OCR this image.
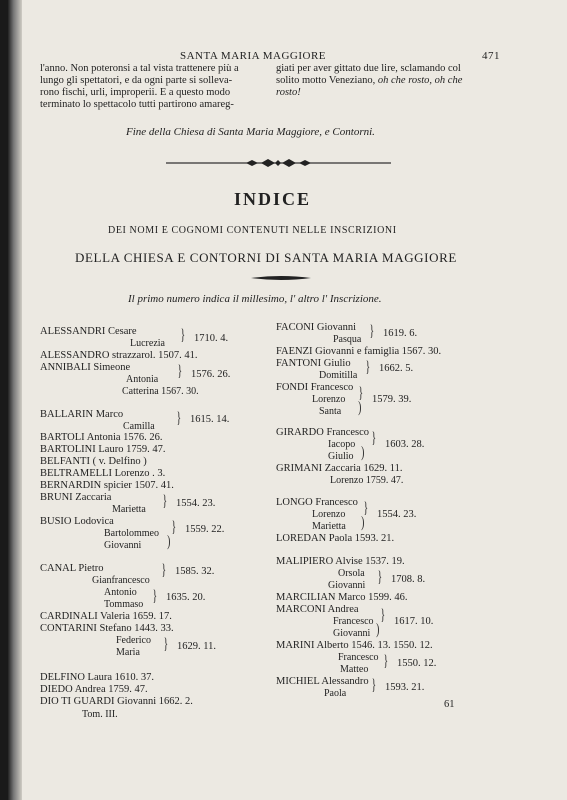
SANTA MARIA MAGGIORE	471
l'anno. Non poteronsi a tal vista trattenere più a
lungo gli spettatori, e da ogni parte si solleva-
rono fischi, urli, improperii. E a questo modo
terminato lo spettacolo tutti partirono amareg-
giati per aver gittato due lire, sclamando col
solito motto Veneziano, oh che rosto, oh che
rosto!
Fine della Chiesa di Santa Maria Maggiore, e Contorni.
INDICE
DEI NOMI E COGNOMI CONTENUTI NELLE INSCRIZIONI
DELLA CHIESA E CONTORNI DI SANTA MARIA MAGGIORE
Il primo numero indica il millesimo, l' altro l' Inscrizione.
ALESSANDRI Cesare
Lucrezia } 1710. 4.
ALESSANDRO strazzarol. 1507. 41.
ANNIBALI Simeone
Antonia } 1576. 26.
Catterina 1567. 30.
BALLARIN Marco
Camilla } 1615. 14.
BARTOLI Antonia 1576. 26.
BARTOLINI Lauro 1759. 47.
BELFANTI ( v. Delfino )
BELTRAMELLI Lorenzo . 3.
BERNARDIN spicier 1507. 41.
BRUNI Zaccaria
Marietta } 1554. 23.
BUSIO Lodovica
Bartolommeo } 1559. 22.
Giovanni )
CANAL Pietro
Gianfrancesco
} 1585. 32.
Antonio
Tommaso } 1635. 20.
CARDINALI Valeria 1659. 17.
CONTARINI Stefano 1443. 33.
Federico
Maria } 1629. 11.
DELFINO Laura 1610. 37.
DIEDO Andrea 1759. 47.
DIO TI GUARDI Giovanni 1662. 2.
Tom. III.
FACONI Giovanni
Pasqua } 1619. 6.
FAENZI Giovanni e famiglia 1567. 30.
FANTONI Giulio
Domitilla } 1662. 5.
FONDI Francesco
Lorenzo } 1579. 39.
Santa )
GIRARDO Francesco
Iacopo } 1603. 28.
Giulio )
GRIMANI Zaccaria 1629. 11.
Lorenzo 1759. 47.
LONGO Francesco
Lorenzo } 1554. 23.
Marietta )
LOREDAN Paola 1593. 21.
MALIPIERO Alvise 1537. 19.
Orsola
Giovanni } 1708. 8.
MARCILIAN Marco 1599. 46.
MARCONI Andrea
Francesco } 1617. 10.
Giovanni )
MARINI Alberto 1546. 13. 1550. 12.
Francesco
Matteo } 1550. 12.
MICHIEL Alessandro
Paola } 1593. 21.
61
